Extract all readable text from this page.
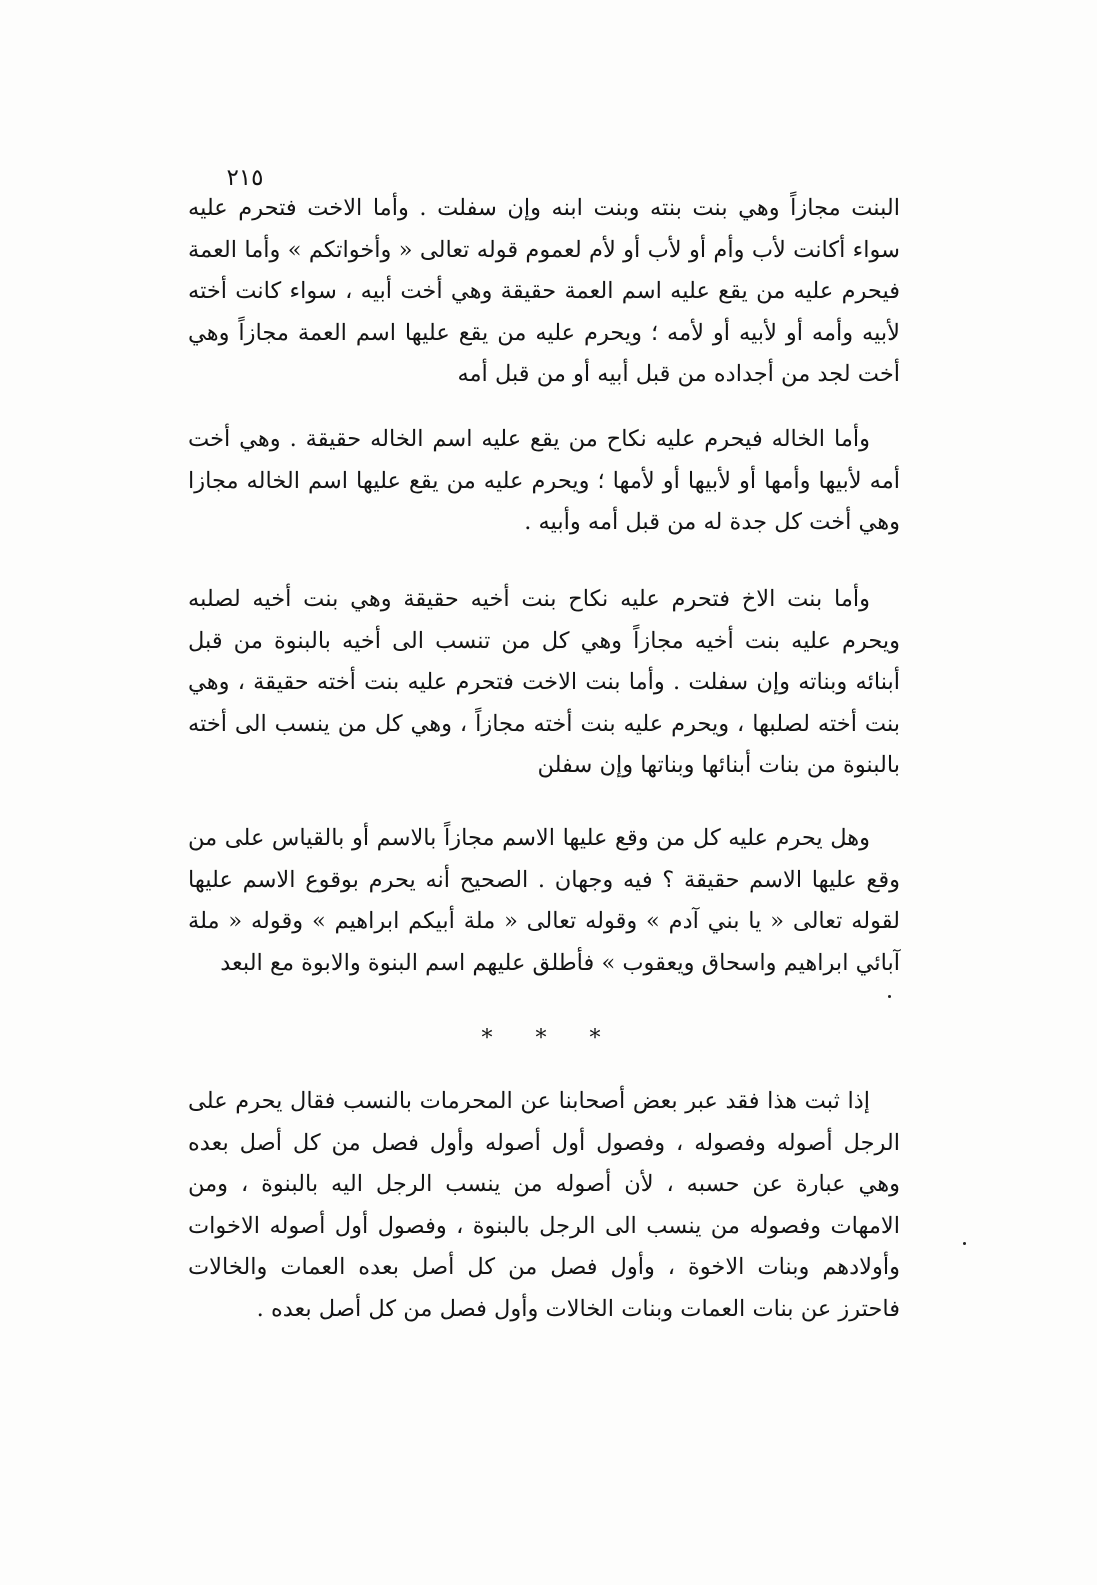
٢١٥
البنت مجازاً وهي بنت بنته وبنت ابنه وإن سفلت . وأما الاخت فتحرم عليه سواء أكانت لأب وأم أو لأب أو لأم لعموم قوله تعالى « وأخواتكم » وأما العمة فيحرم عليه من يقع عليه اسم العمة حقيقة وهي أخت أبيه ، سواء كانت أخته لأبيه وأمه أو لأبيه أو لأمه ؛ ويحرم عليه من يقع عليها اسم العمة مجازاً وهي أخت لجد من أجداده من قبل أبيه أو من قبل أمه
وأما الخاله فيحرم عليه نكاح من يقع عليه اسم الخاله حقيقة . وهي أخت أمه لأبيها وأمها أو لأبيها أو لأمها ؛ ويحرم عليه من يقع عليها اسم الخاله مجازا وهي أخت كل جدة له من قبل أمه وأبيه .
وأما بنت الاخ فتحرم عليه نكاح بنت أخيه حقيقة وهي بنت أخيه لصلبه ويحرم عليه بنت أخيه مجازاً وهي كل من تنسب الى أخيه بالبنوة من قبل أبنائه وبناته وإن سفلت . وأما بنت الاخت فتحرم عليه بنت أخته حقيقة ، وهي بنت أخته لصلبها ، ويحرم عليه بنت أخته مجازاً ، وهي كل من ينسب الى أخته بالبنوة من بنات أبنائها وبناتها وإن سفلن
وهل يحرم عليه كل من وقع عليها الاسم مجازاً بالاسم أو بالقياس على من وقع عليها الاسم حقيقة ؟ فيه وجهان . الصحيح أنه يحرم بوقوع الاسم عليها لقوله تعالى « يا بني آدم » وقوله تعالى « ملة أبيكم ابراهيم » وقوله « ملة آبائي ابراهيم واسحاق ويعقوب » فأطلق عليهم اسم البنوة والابوة مع البعد
* * *
إذا ثبت هذا فقد عبر بعض أصحابنا عن المحرمات بالنسب فقال يحرم على الرجل أصوله وفصوله ، وفصول أول أصوله وأول فصل من كل أصل بعده وهي عبارة عن حسبه ، لأن أصوله من ينسب الرجل اليه بالبنوة ، ومن الامهات وفصوله من ينسب الى الرجل بالبنوة ، وفصول أول أصوله الاخوات وأولادهم وبنات الاخوة ، وأول فصل من كل أصل بعده العمات والخالات فاحترز عن بنات العمات وبنات الخالات وأول فصل من كل أصل بعده .
